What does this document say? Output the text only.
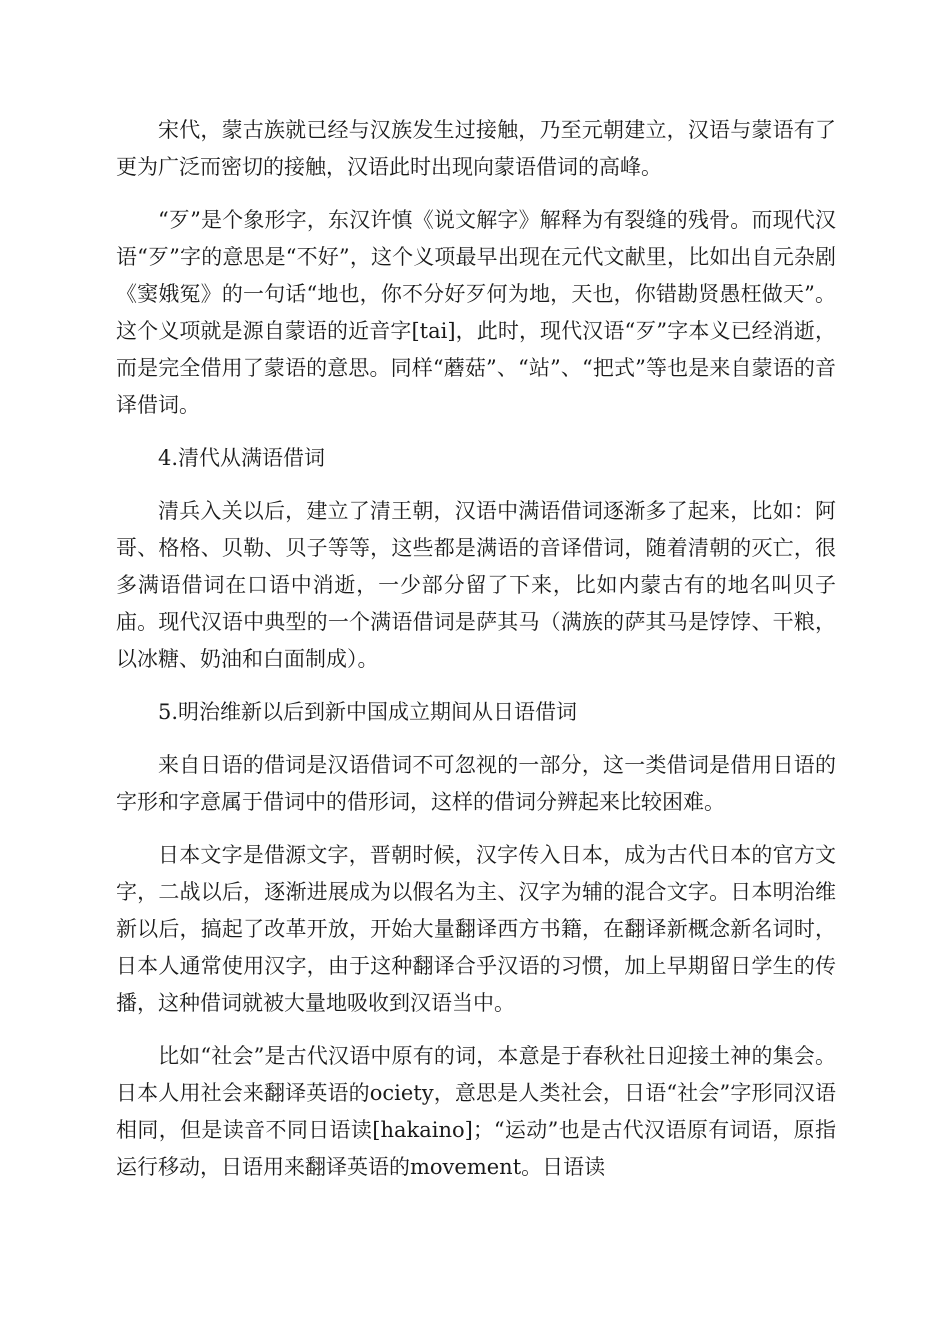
宋代，蒙古族就已经与汉族发生过接触，乃至元朝建立，汉语与蒙语有了更为广泛而密切的接触，汉语此时出现向蒙语借词的高峰。

“歹”是个象形字，东汉许慎《说文解字》解释为有裂缝的残骨。而现代汉语“歹”字的意思是“不好”，这个义项最早出现在元代文献里，比如出自元杂剧《窦娥冤》的一句话“地也，你不分好歹何为地，天也，你错勘贤愚枉做天”。这个义项就是源自蒙语的近音字[tai]，此时，现代汉语“歹”字本义已经消逝，而是完全借用了蒙语的意思。同样“蘑菇”、“站”、“把式”等也是来自蒙语的音译借词。

4.清代从满语借词

清兵入关以后，建立了清王朝，汉语中满语借词逐渐多了起来，比如：阿哥、格格、贝勒、贝子等等，这些都是满语的音译借词，随着清朝的灭亡，很多满语借词在口语中消逝，一少部分留了下来，比如内蒙古有的地名叫贝子庙。现代汉语中典型的一个满语借词是萨其马（满族的萨其马是饽饽、干粮，以冰糖、奶油和白面制成）。

5.明治维新以后到新中国成立期间从日语借词

来自日语的借词是汉语借词不可忽视的一部分，这一类借词是借用日语的字形和字意属于借词中的借形词，这样的借词分辨起来比较困难。

日本文字是借源文字，晋朝时候，汉字传入日本，成为古代日本的官方文字，二战以后，逐渐进展成为以假名为主、汉字为辅的混合文字。日本明治维新以后，搞起了改革开放，开始大量翻译西方书籍，在翻译新概念新名词时，日本人通常使用汉字，由于这种翻译合乎汉语的习惯，加上早期留日学生的传播，这种借词就被大量地吸收到汉语当中。

比如“社会”是古代汉语中原有的词，本意是于春秋社日迎接土神的集会。日本人用社会来翻译英语的ociety，意思是人类社会，日语“社会”字形同汉语相同，但是读音不同日语读[hakaino]；“运动”也是古代汉语原有词语，原指运行移动，日语用来翻译英语的movement。日语读
